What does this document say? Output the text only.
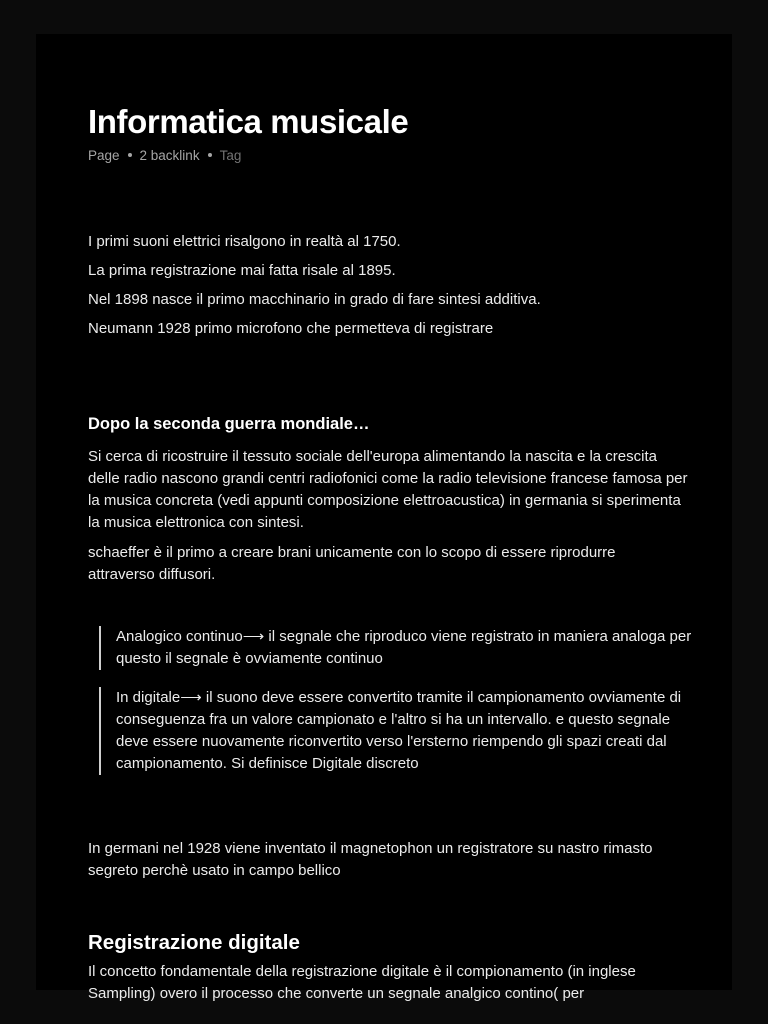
Informatica musicale
Page 2 backlink Tag

I primi suoni elettrici risalgono in realtà al 1750.

La prima registrazione mai fatta risale al 1895.

Nel 1898 nasce il primo macchinario in grado di fare sintesi additiva.

Neumann 1928 primo microfono che permetteva di registrare

Dopo la seconda guerra mondiale…

Si cerca di ricostruire il tessuto sociale dell'europa alimentando la nascita e la crescita delle radio nascono grandi centri radiofonici come la radio televisione francese famosa per la musica concreta (vedi appunti composizione elettroacustica) in germania si sperimenta la musica elettronica con sintesi.

schaeffer è il primo a creare brani unicamente con lo scopo di essere riprodurre attraverso diffusori.

Analogico continuo⟶ il segnale che riproduco viene registrato in maniera analoga per questo il segnale è ovviamente continuo
In digitale⟶ il suono deve essere convertito tramite il campionamento ovviamente di conseguenza fra un valore campionato e l'altro si ha un intervallo. e questo segnale deve essere nuovamente riconvertito verso l'ersterno riempendo gli spazi creati dal campionamento. Si definisce Digitale discreto

In germani nel 1928 viene inventato il magnetophon un registratore su nastro rimasto segreto perchè usato in campo bellico

Registrazione digitale

Il concetto fondamentale della registrazione digitale è il compionamento (in inglese Sampling) overo il processo che converte un segnale analgico contino( per
